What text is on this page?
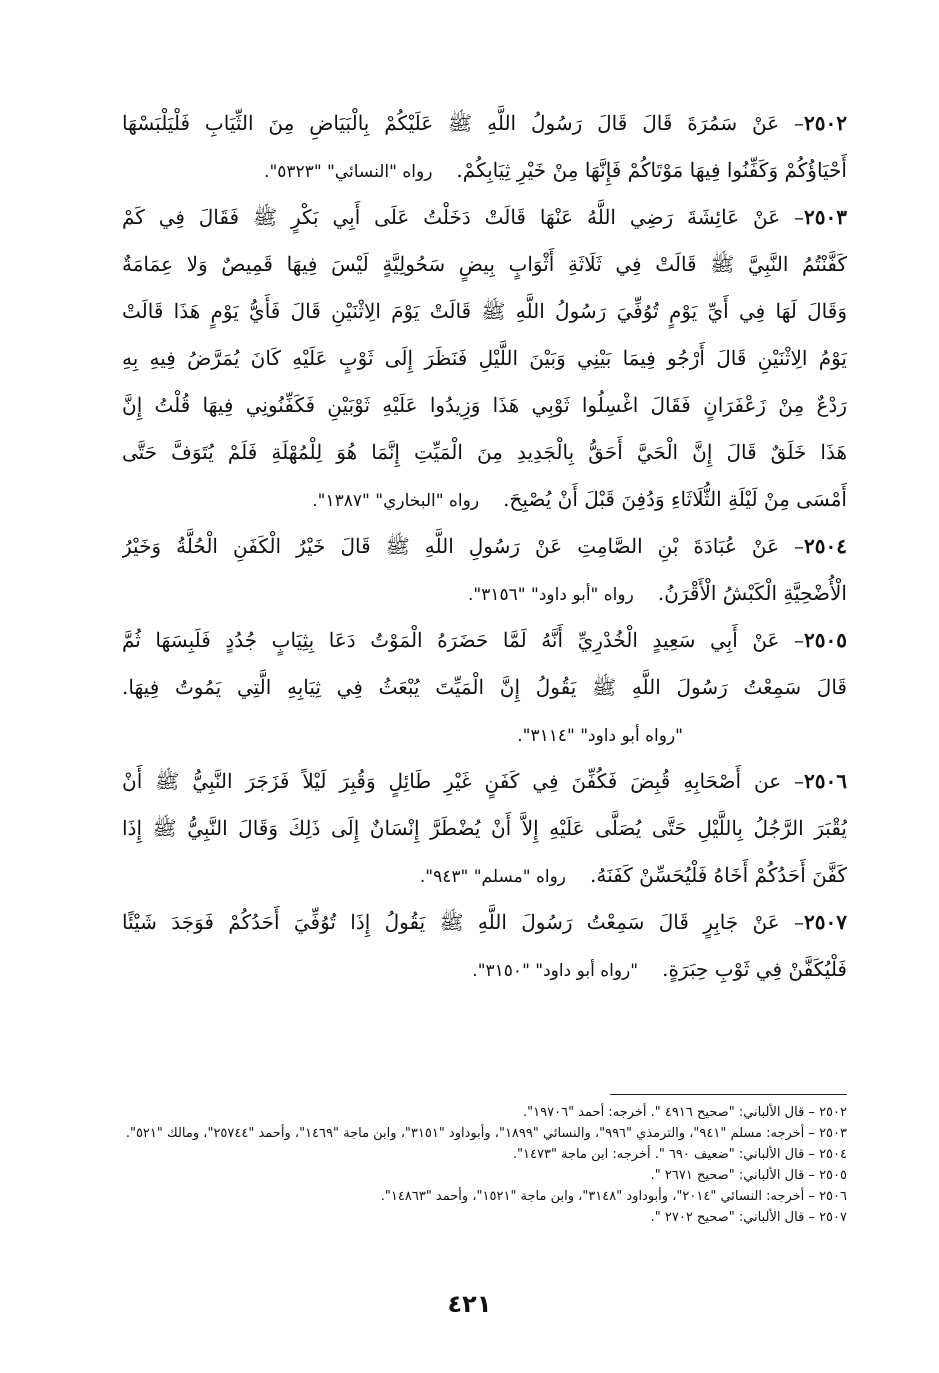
٢٥٠٢– عَنْ سَمُرَةَ قَالَ قَالَ رَسُولُ اللَّهِ ﷺ عَلَيْكُمْ بِالْبَيَاضِ مِنَ الثِّيَابِ فَلْيَلْبَسْهَا
أَحْيَاؤُكُمْ وَكَفِّنُوا فِيهَا مَوْتَاكُمْ فَإِنَّهَا مِنْ خَيْرِ ثِيَابِكُمْ.رواه "النسائي" "٥٣٢٣".
٢٥٠٣– عَنْ عَائِشَةَ رَضِي اللَّهُ عَنْهَا قَالَتْ دَخَلْتُ عَلَى أَبِي بَكْرٍ ﷺ فَقَالَ فِي كَمْ
كَفَّنْتُمُ النَّبِيَّ ﷺ قَالَتْ فِي ثَلَاثَةِ أَثْوَابٍ بِيضٍ سَحُولِيَّةٍ لَيْسَ فِيهَا قَمِيصٌ وَلا عِمَامَةٌ
وَقَالَ لَهَا فِي أَيِّ يَوْمٍ تُوُفِّيَ رَسُولُ اللَّهِ ﷺ قَالَتْ يَوْمَ الِاثْنَيْنِ قَالَ فَأَيُّ يَوْمٍ هَذَا قَالَتْ
يَوْمُ الِاثْنَيْنِ قَالَ أَرْجُو فِيمَا بَيْنِي وَبَيْنَ اللَّيْلِ فَنَظَرَ إِلَى ثَوْبٍ عَلَيْهِ كَانَ يُمَرَّضُ فِيهِ بِهِ
رَدْعٌ مِنْ زَعْفَرَانٍ فَقَالَ اغْسِلُوا ثَوْبِي هَذَا وَزِيدُوا عَلَيْهِ ثَوْبَيْنِ فَكَفِّنُونِي فِيهَا قُلْتُ إِنَّ
هَذَا خَلَقٌ قَالَ إِنَّ الْحَيَّ أَحَقُّ بِالْجَدِيدِ مِنَ الْمَيِّتِ إِنَّمَا هُوَ لِلْمُهْلَةِ فَلَمْ يُتَوَفَّ حَتَّى
أَمْسَى مِنْ لَيْلَةِ الثُّلَاثَاءِ وَدُفِنَ قَبْلَ أَنْ يُصْبِحَ.رواه "البخاري" "١٣٨٧".
٢٥٠٤– عَنْ عُبَادَةَ بْنِ الصَّامِتِ عَنْ رَسُولِ اللَّهِ ﷺ قَالَ خَيْرُ الْكَفَنِ الْحُلَّةُ وَخَيْرُ
الْأُضْحِيَّةِ الْكَبْشُ الْأَقْرَنُ.رواه "أبو داود" "٣١٥٦".
٢٥٠٥– عَنْ أَبِي سَعِيدٍ الْخُدْرِيِّ أَنَّهُ لَمَّا حَضَرَهُ الْمَوْتُ دَعَا بِثِيَابٍ جُدُدٍ فَلَبِسَهَا ثُمَّ
قَالَ سَمِعْتُ رَسُولَ اللَّهِ ﷺ يَقُولُ إِنَّ الْمَيِّتَ يُبْعَثُ فِي ثِيَابِهِ الَّتِي يَمُوتُ فِيهَا.
"رواه أبو داود" "٣١١٤".
٢٥٠٦– عن أَصْحَابِهِ قُبِضَ فَكُفِّنَ فِي كَفَنٍ غَيْرِ طَائِلٍ وَقُبِرَ لَيْلاً فَزَجَرَ النَّبِيُّ ﷺ أَنْ
يُقْبَرَ الرَّجُلُ بِاللَّيْلِ حَتَّى يُصَلَّى عَلَيْهِ إِلاَّ أَنْ يُضْطَرَّ إِنْسَانٌ إِلَى ذَلِكَ وَقَالَ النَّبِيُّ ﷺ إِذَا
كَفَّنَ أَحَدُكُمْ أَخَاهُ فَلْيُحَسِّنْ كَفَنَهُ.رواه "مسلم" "٩٤٣".
٢٥٠٧– عَنْ جَابِرٍ قَالَ سَمِعْتُ رَسُولَ اللَّهِ ﷺ يَقُولُ إِذَا تُوُفِّيَ أَحَدُكُمْ فَوَجَدَ شَيْئًا
فَلْيُكَفَّنْ فِي ثَوْبِ حِبَرَةٍ."رواه أبو داود" "٣١٥٠".
٢٥٠٢ – قال الألباني: "صحيح ٤٩١٦ ". أخرجه: أحمد "١٩٧٠٦".
٢٥٠٣ – أخرجه: مسلم "٩٤١"، والترمذي "٩٩٦"، والنسائي "١٨٩٩"، وأبوداود "٣١٥١"، وابن ماجة "١٤٦٩"، وأحمد "٢٥٧٤٤"، ومالك "٥٢١".
٢٥٠٤ – قال الألباني: "ضعيف ٦٩٠ ". أخرجه: ابن ماجة "١٤٧٣".
٢٥٠٥ – قال الألباني: "صحيح ٢٦٧١ ".
٢٥٠٦ – أخرجه: النسائي "٢٠١٤"، وأبوداود "٣١٤٨"، وابن ماجة "١٥٢١"، وأحمد "١٤٨٦٣".
٢٥٠٧ – قال الألباني: "صحيح ٢٧٠٢ ".
٤٢١
